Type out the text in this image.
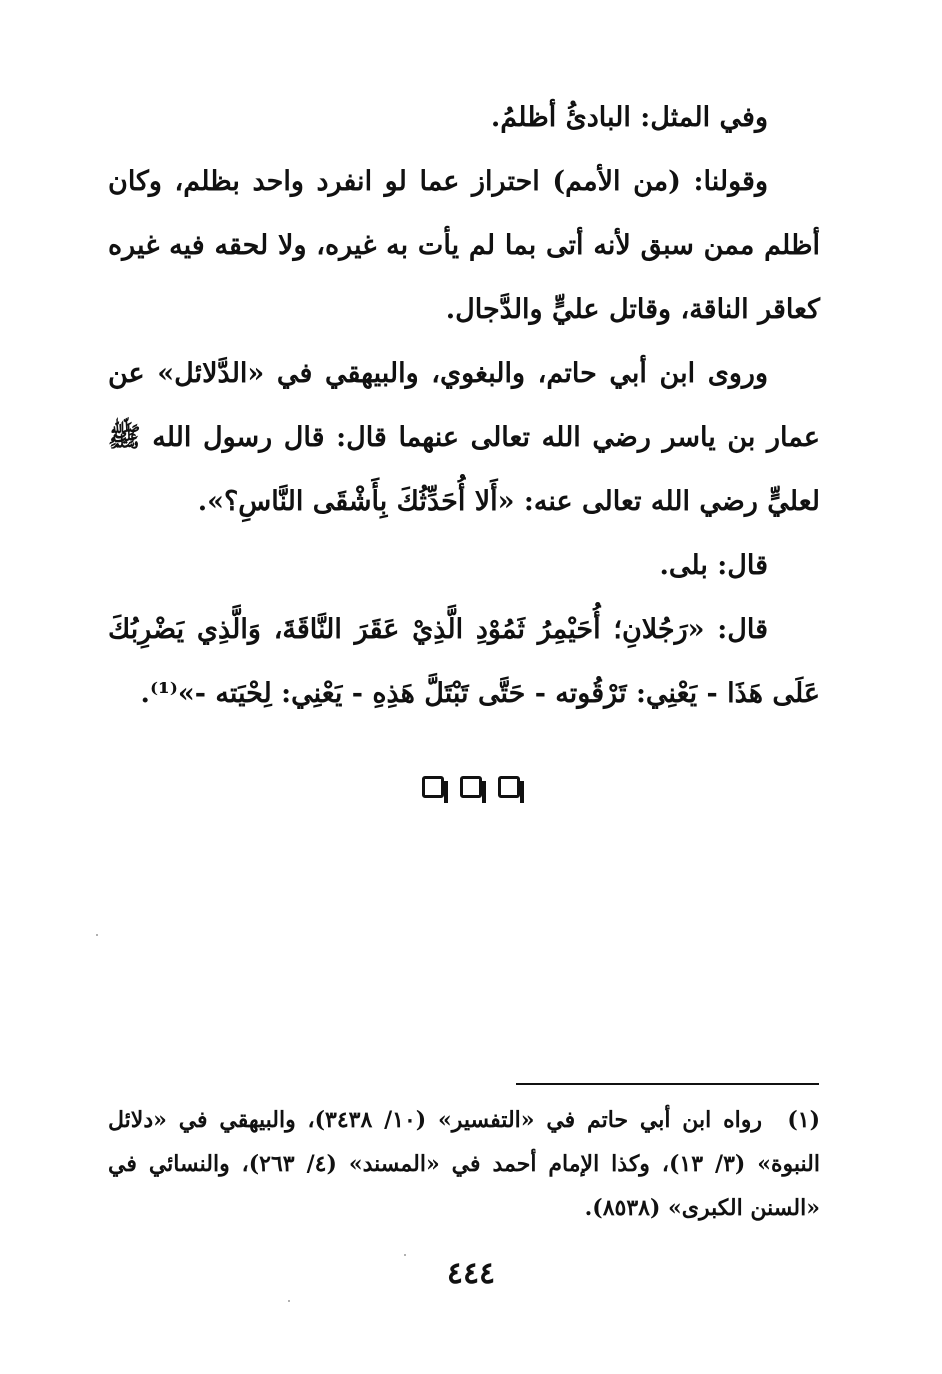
وفي المثل: البادئُ أظلمُ.

وقولنا: (من الأمم) احتراز عما لو انفرد واحد بظلم، وكان أظلم ممن سبق لأنه أتى بما لم يأت به غيره، ولا لحقه فيه غيره كعاقر الناقة، وقاتل عليٍّ والدَّجال.

وروى ابن أبي حاتم، والبغوي، والبيهقي في «الدَّلائل» عن عمار بن ياسر رضي الله تعالى عنهما قال: قال رسول الله ﷺ لعليٍّ رضي الله تعالى عنه: «أَلا أُحَدِّثُكَ بِأَشْقَى النَّاسِ؟».

قال: بلى.

قال: «رَجُلانِ؛ أُحَيْمِرُ ثَمُوْدِ الَّذِيْ عَقَرَ النَّاقَةَ، وَالَّذِي يَضْرِبُكَ عَلَى هَذَا - يَعْنِي: تَرْقُوته - حَتَّى تَبْتَلَّ هَذِهِ - يَعْنِي: لِحْيَته -»⁽¹⁾.

(١)رواه ابن أبي حاتم في «التفسير» (١٠/ ٣٤٣٨)، والبيهقي في «دلائل النبوة» (٣/ ١٣)، وكذا الإمام أحمد في «المسند» (٤/ ٢٦٣)، والنسائي في «السنن الكبرى» (٨٥٣٨).
٤٤٤
